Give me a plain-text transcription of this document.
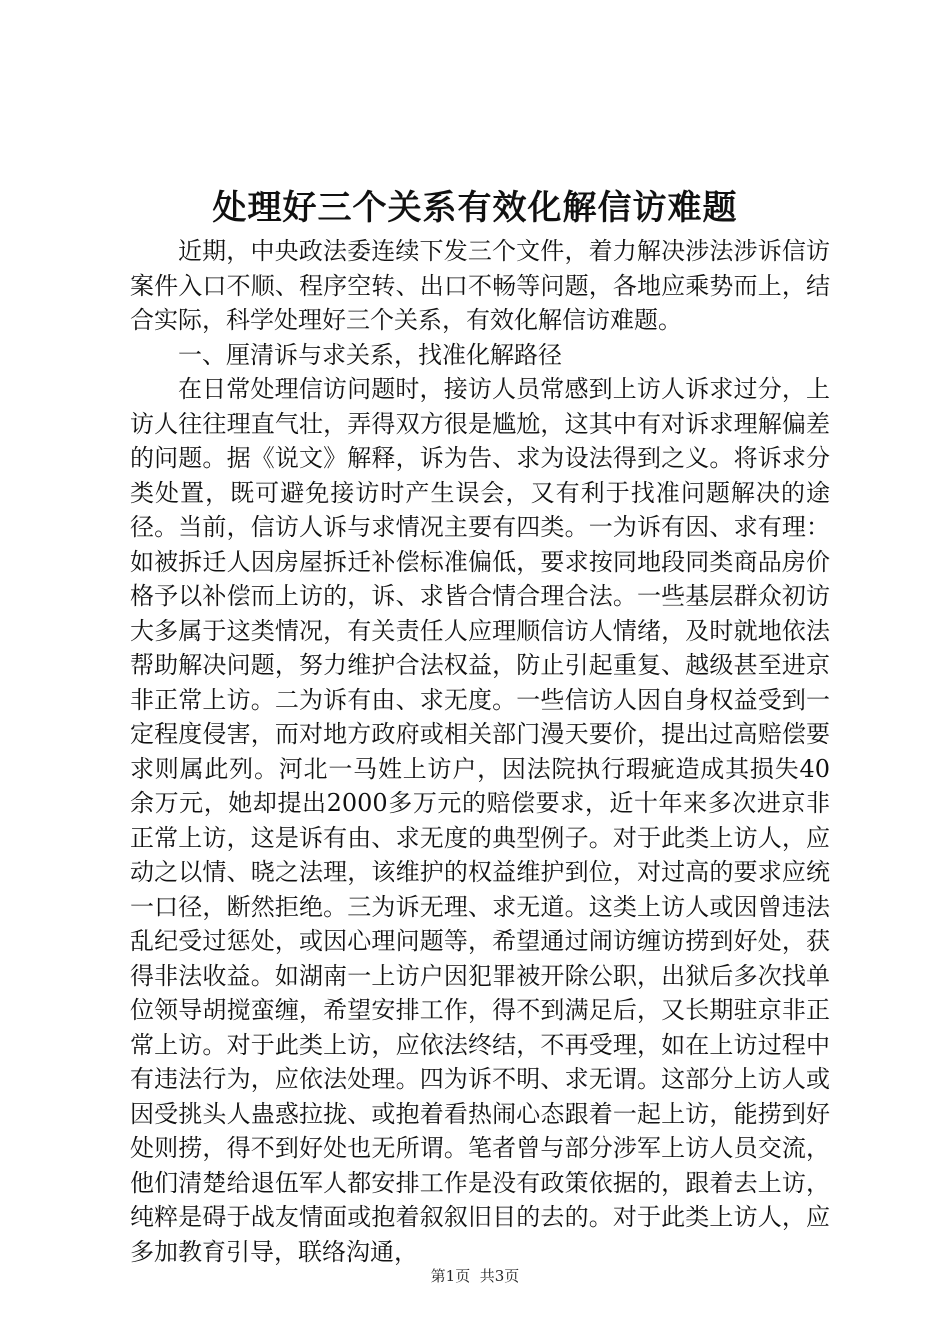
处理好三个关系有效化解信访难题

近期，中央政法委连续下发三个文件，着力解决涉法涉诉信访案件入口不顺、程序空转、出口不畅等问题，各地应乘势而上，结合实际，科学处理好三个关系，有效化解信访难题。

一、厘清诉与求关系，找准化解路径

在日常处理信访问题时，接访人员常感到上访人诉求过分，上访人往往理直气壮，弄得双方很是尴尬，这其中有对诉求理解偏差的问题。据《说文》解释，诉为告、求为设法得到之义。将诉求分类处置，既可避免接访时产生误会，又有利于找准问题解决的途径。当前，信访人诉与求情况主要有四类。一为诉有因、求有理：如被拆迁人因房屋拆迁补偿标准偏低，要求按同地段同类商品房价格予以补偿而上访的，诉、求皆合情合理合法。一些基层群众初访大多属于这类情况，有关责任人应理顺信访人情绪，及时就地依法帮助解决问题，努力维护合法权益，防止引起重复、越级甚至进京非正常上访。二为诉有由、求无度。一些信访人因自身权益受到一定程度侵害，而对地方政府或相关部门漫天要价，提出过高赔偿要求则属此列。河北一马姓上访户，因法院执行瑕疵造成其损失40余万元，她却提出2000多万元的赔偿要求，近十年来多次进京非正常上访，这是诉有由、求无度的典型例子。对于此类上访人，应动之以情、晓之法理，该维护的权益维护到位，对过高的要求应统一口径，断然拒绝。三为诉无理、求无道。这类上访人或因曾违法乱纪受过惩处，或因心理问题等，希望通过闹访缠访捞到好处，获得非法收益。如湖南一上访户因犯罪被开除公职，出狱后多次找单位领导胡搅蛮缠，希望安排工作，得不到满足后，又长期驻京非正常上访。对于此类上访，应依法终结，不再受理，如在上访过程中有违法行为，应依法处理。四为诉不明、求无谓。这部分上访人或因受挑头人蛊惑拉拢、或抱着看热闹心态跟着一起上访，能捞到好处则捞，得不到好处也无所谓。笔者曾与部分涉军上访人员交流，他们清楚给退伍军人都安排工作是没有政策依据的，跟着去上访，纯粹是碍于战友情面或抱着叙叙旧目的去的。对于此类上访人，应多加教育引导，联络沟通，

第1页 共3页
